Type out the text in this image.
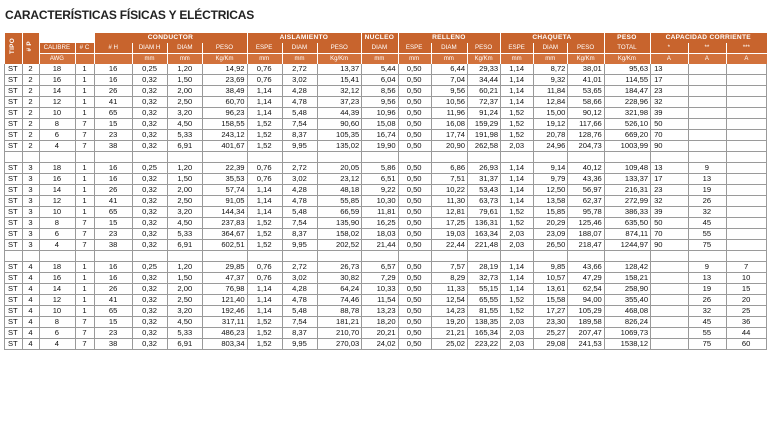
CARACTERÍSTICAS FÍSICAS Y ELÉCTRICAS
TIPO	# P			CONDUCTOR				AISLAMIENTO			NUCLEO	RELLENO			CHAQUETA			PESO	CAPACIDAD CORRIENTE		
		CALIBRE	# C	# H	DIAM H	DIAM	PESO	ESPE	DIAM	PESO	DIAM	ESPE	DIAM	PESO	ESPE	DIAM	PESO	TOTAL	*	**	***
		AWG			mm	mm	Kg/Km	mm	mm	Kg/Km	mm	mm	mm	Kg/Km	mm	mm	Kg/Km	Kg/Km	A	A	A
ST	2	18	1	16	0,25	1,20	14,92	0,76	2,72	13,37	5,44	0,50	6,44	29,33	1,14	8,72	38,01	95,63	13		
ST	2	16	1	16	0,32	1,50	23,69	0,76	3,02	15,41	6,04	0,50	7,04	34,44	1,14	9,32	41,01	114,55	17		
ST	2	14	1	26	0,32	2,00	38,49	1,14	4,28	32,12	8,56	0,50	9,56	60,21	1,14	11,84	53,65	184,47	23		
ST	2	12	1	41	0,32	2,50	60,70	1,14	4,78	37,23	9,56	0,50	10,56	72,37	1,14	12,84	58,66	228,96	32		
ST	2	10	1	65	0,32	3,20	96,23	1,14	5,48	44,39	10,96	0,50	11,96	91,24	1,52	15,00	90,12	321,98	39		
ST	2	8	7	15	0,32	4,50	158,55	1,52	7,54	90,60	15,08	0,50	16,08	159,29	1,52	19,12	117,66	526,10	50		
ST	2	6	7	23	0,32	5,33	243,12	1,52	8,37	105,35	16,74	0,50	17,74	191,98	1,52	20,78	128,76	669,20	70		
ST	2	4	7	38	0,32	6,91	401,67	1,52	9,95	135,02	19,90	0,50	20,90	262,58	2,03	24,96	204,73	1003,99	90		

ST	3	18	1	16	0,25	1,20	22,39	0,76	2,72	20,05	5,86	0,50	6,86	26,93	1,14	9,14	40,12	109,48	13	9	
ST	3	16	1	16	0,32	1,50	35,53	0,76	3,02	23,12	6,51	0,50	7,51	31,37	1,14	9,79	43,36	133,37	17	13	
ST	3	14	1	26	0,32	2,00	57,74	1,14	4,28	48,18	9,22	0,50	10,22	53,43	1,14	12,50	56,97	216,31	23	19	
ST	3	12	1	41	0,32	2,50	91,05	1,14	4,78	55,85	10,30	0,50	11,30	63,73	1,14	13,58	62,37	272,99	32	26	
ST	3	10	1	65	0,32	3,20	144,34	1,14	5,48	66,59	11,81	0,50	12,81	79,61	1,52	15,85	95,78	386,33	39	32	
ST	3	8	7	15	0,32	4,50	237,83	1,52	7,54	135,90	16,25	0,50	17,25	136,31	1,52	20,29	125,46	635,50	50	45	
ST	3	6	7	23	0,32	5,33	364,67	1,52	8,37	158,02	18,03	0,50	19,03	163,34	2,03	23,09	188,07	874,11	70	55	
ST	3	4	7	38	0,32	6,91	602,51	1,52	9,95	202,52	21,44	0,50	22,44	221,48	2,03	26,50	218,47	1244,97	90	75	

ST	4	18	1	16	0,25	1,20	29,85	0,76	2,72	26,73	6,57	0,50	7,57	28,19	1,14	9,85	43,66	128,42		9	7
ST	4	16	1	16	0,32	1,50	47,37	0,76	3,02	30,82	7,29	0,50	8,29	32,73	1,14	10,57	47,29	158,21		13	10
ST	4	14	1	26	0,32	2,00	76,98	1,14	4,28	64,24	10,33	0,50	11,33	55,15	1,14	13,61	62,54	258,90		19	15
ST	4	12	1	41	0,32	2,50	121,40	1,14	4,78	74,46	11,54	0,50	12,54	65,55	1,52	15,58	94,00	355,40		26	20
ST	4	10	1	65	0,32	3,20	192,46	1,14	5,48	88,78	13,23	0,50	14,23	81,55	1,52	17,27	105,29	468,08		32	25
ST	4	8	7	15	0,32	4,50	317,11	1,52	7,54	181,21	18,20	0,50	19,20	138,35	2,03	23,30	189,58	826,24		45	36
ST	4	6	7	23	0,32	5,33	486,23	1,52	8,37	210,70	20,21	0,50	21,21	165,34	2,03	25,27	207,47	1069,73		55	44
ST	4	4	7	38	0,32	6,91	803,34	1,52	9,95	270,03	24,02	0,50	25,02	223,22	2,03	29,08	241,53	1538,12		75	60
